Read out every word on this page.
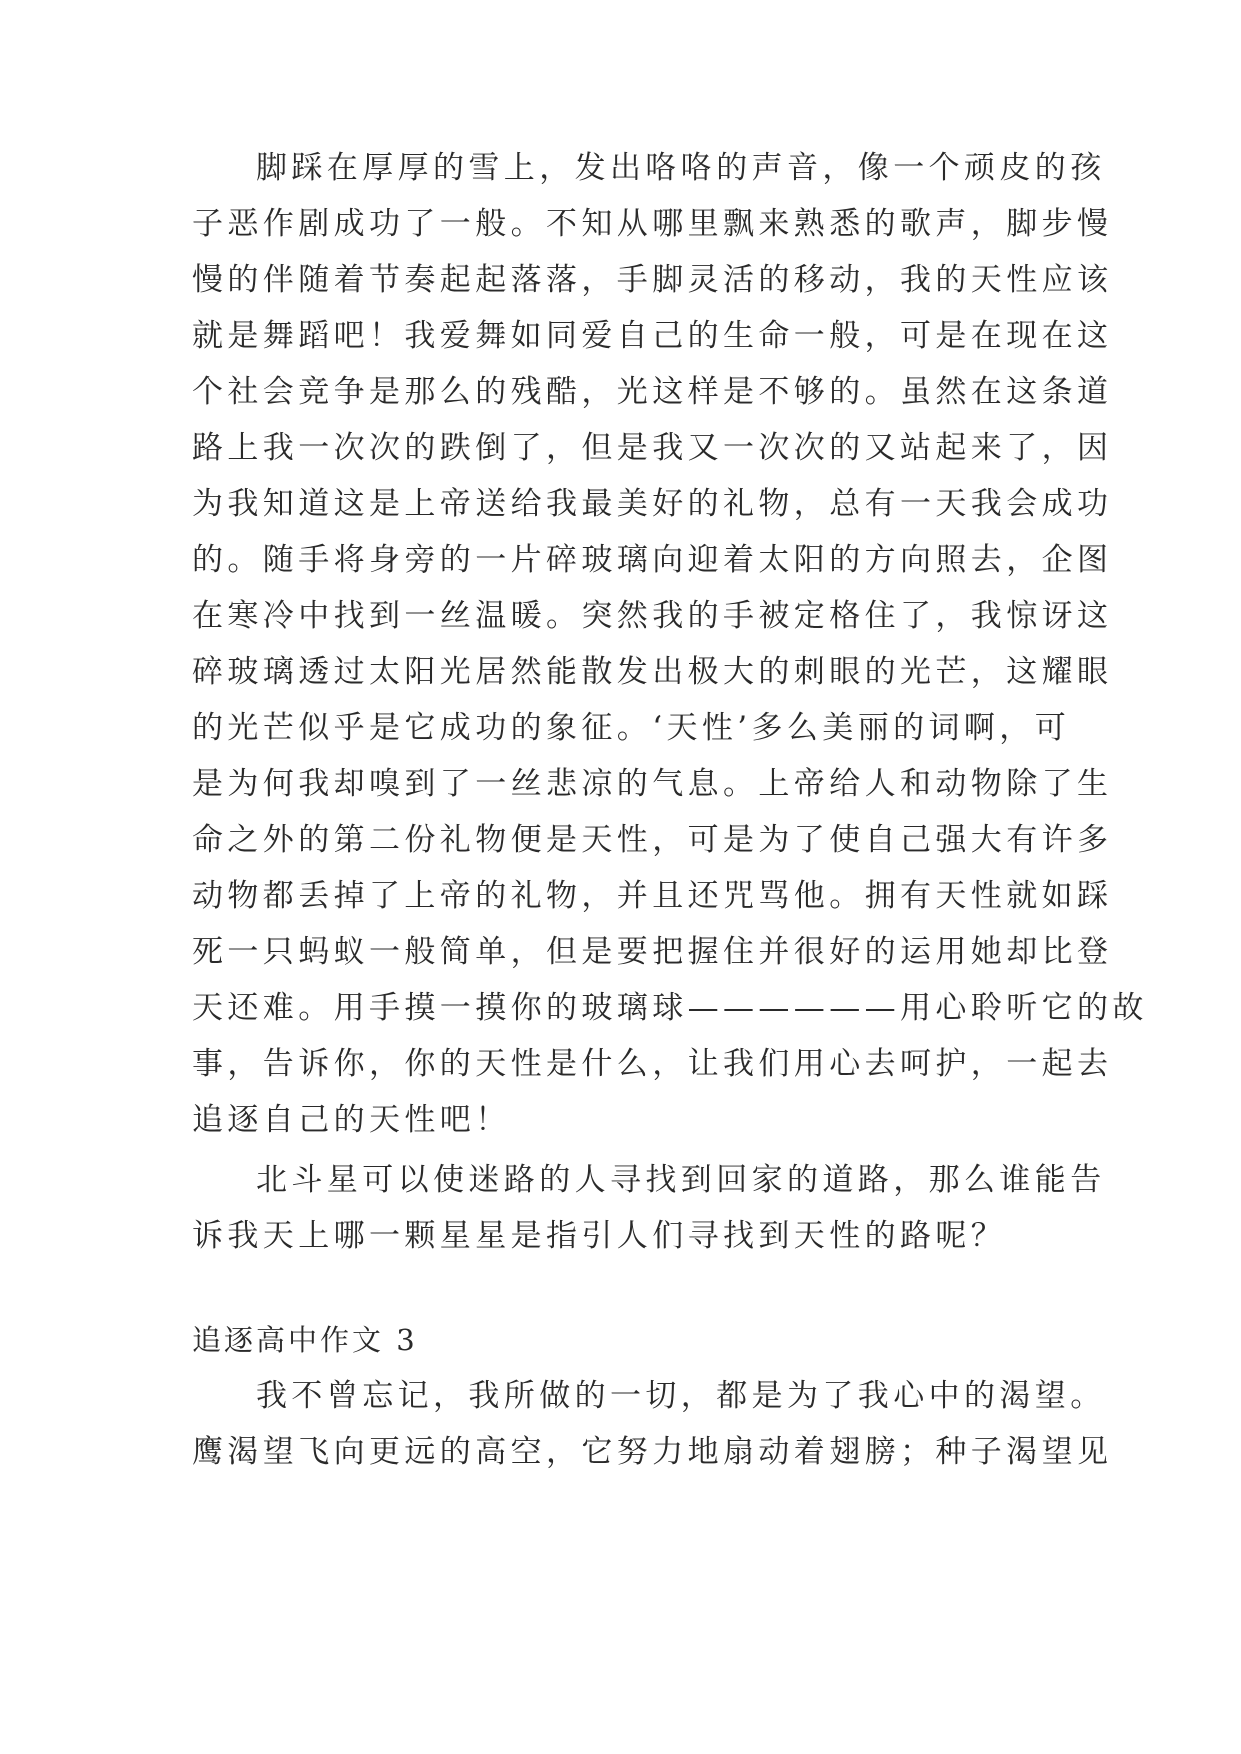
脚踩在厚厚的雪上，发出咯咯的声音，像一个顽皮的孩
子恶作剧成功了一般。不知从哪里飘来熟悉的歌声，脚步慢
慢的伴随着节奏起起落落，手脚灵活的移动，我的天性应该
就是舞蹈吧！我爱舞如同爱自己的生命一般，可是在现在这
个社会竞争是那么的残酷，光这样是不够的。虽然在这条道
路上我一次次的跌倒了，但是我又一次次的又站起来了，因
为我知道这是上帝送给我最美好的礼物，总有一天我会成功
的。随手将身旁的一片碎玻璃向迎着太阳的方向照去，企图
在寒冷中找到一丝温暖。突然我的手被定格住了，我惊讶这
碎玻璃透过太阳光居然能散发出极大的刺眼的光芒，这耀眼
的光芒似乎是它成功的象征。‘天性’多么美丽的词啊，可
是为何我却嗅到了一丝悲凉的气息。上帝给人和动物除了生
命之外的第二份礼物便是天性，可是为了使自己强大有许多
动物都丢掉了上帝的礼物，并且还咒骂他。拥有天性就如踩
死一只蚂蚁一般简单，但是要把握住并很好的运用她却比登
天还难。用手摸一摸你的玻璃球——————用心聆听它的故
事，告诉你，你的天性是什么，让我们用心去呵护，一起去
追逐自己的天性吧！
北斗星可以使迷路的人寻找到回家的道路，那么谁能告
诉我天上哪一颗星星是指引人们寻找到天性的路呢？
追逐高中作文 3
我不曾忘记，我所做的一切，都是为了我心中的渴望。
鹰渴望飞向更远的高空，它努力地扇动着翅膀；种子渴望见
